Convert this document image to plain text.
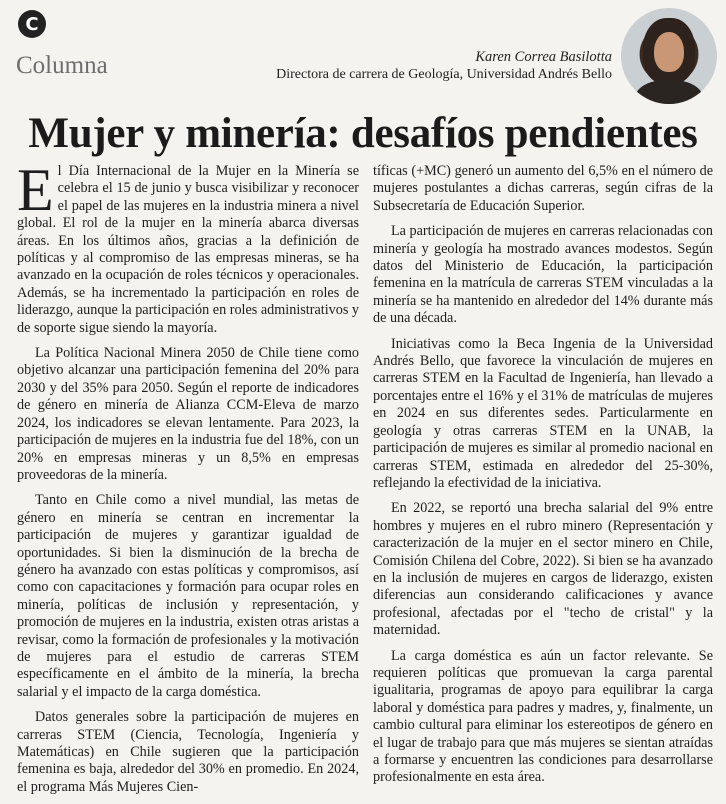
C
Columna	Karen Correa Basilotta
Directora de carrera de Geología, Universidad Andrés Bello
Mujer y minería: desafíos pendientes

El Día Internacional de la Mujer en la Minería se celebra el 15 de junio y busca visibilizar y reconocer el papel de las mujeres en la industria minera a nivel global. El rol de la mujer en la minería abarca diversas áreas. En los últimos años, gracias a la definición de políticas y al compromiso de las empresas mineras, se ha avanzado en la ocupación de roles técnicos y operacionales. Además, se ha incrementado la participación en roles de liderazgo, aunque la participación en roles administrativos y de soporte sigue siendo la mayoría.

La Política Nacional Minera 2050 de Chile tiene como objetivo alcanzar una participación femenina del 20% para 2030 y del 35% para 2050. Según el reporte de indicadores de género en minería de Alianza CCM-Eleva de marzo 2024, los indicadores se elevan lentamente. Para 2023, la participación de mujeres en la industria fue del 18%, con un 20% en empresas mineras y un 8,5% en empresas proveedoras de la minería.

Tanto en Chile como a nivel mundial, las metas de género en minería se centran en incrementar la participación de mujeres y garantizar igualdad de oportunidades. Si bien la disminución de la brecha de género ha avanzado con estas políticas y compromisos, así como con capacitaciones y formación para ocupar roles en minería, políticas de inclusión y representación, y promoción de mujeres en la industria, existen otras aristas a revisar, como la formación de profesionales y la motivación de mujeres para el estudio de carreras STEM específicamente en el ámbito de la minería, la brecha salarial y el impacto de la carga doméstica.

Datos generales sobre la participación de mujeres en carreras STEM (Ciencia, Tecnología, Ingeniería y Matemáticas) en Chile sugieren que la participación femenina es baja, alrededor del 30% en promedio. En 2024, el programa Más Mujeres Cien-

tíficas (+MC) generó un aumento del 6,5% en el número de mujeres postulantes a dichas carreras, según cifras de la Subsecretaría de Educación Superior.

La participación de mujeres en carreras relacionadas con minería y geología ha mostrado avances modestos. Según datos del Ministerio de Educación, la participación femenina en la matrícula de carreras STEM vinculadas a la minería se ha mantenido en alrededor del 14% durante más de una década.

Iniciativas como la Beca Ingenia de la Universidad Andrés Bello, que favorece la vinculación de mujeres en carreras STEM en la Facultad de Ingeniería, han llevado a porcentajes entre el 16% y el 31% de matrículas de mujeres en 2024 en sus diferentes sedes. Particularmente en geología y otras carreras STEM en la UNAB, la participación de mujeres es similar al promedio nacional en carreras STEM, estimada en alrededor del 25-30%, reflejando la efectividad de la iniciativa.

En 2022, se reportó una brecha salarial del 9% entre hombres y mujeres en el rubro minero (Representación y caracterización de la mujer en el sector minero en Chile, Comisión Chilena del Cobre, 2022). Si bien se ha avanzado en la inclusión de mujeres en cargos de liderazgo, existen diferencias aun considerando calificaciones y avance profesional, afectadas por el "techo de cristal" y la maternidad.

La carga doméstica es aún un factor relevante. Se requieren políticas que promuevan la carga parental igualitaria, programas de apoyo para equilibrar la carga laboral y doméstica para padres y madres, y, finalmente, un cambio cultural para eliminar los estereotipos de género en el lugar de trabajo para que más mujeres se sientan atraídas a formarse y encuentren las condiciones para desarrollarse profesionalmente en esta área.
